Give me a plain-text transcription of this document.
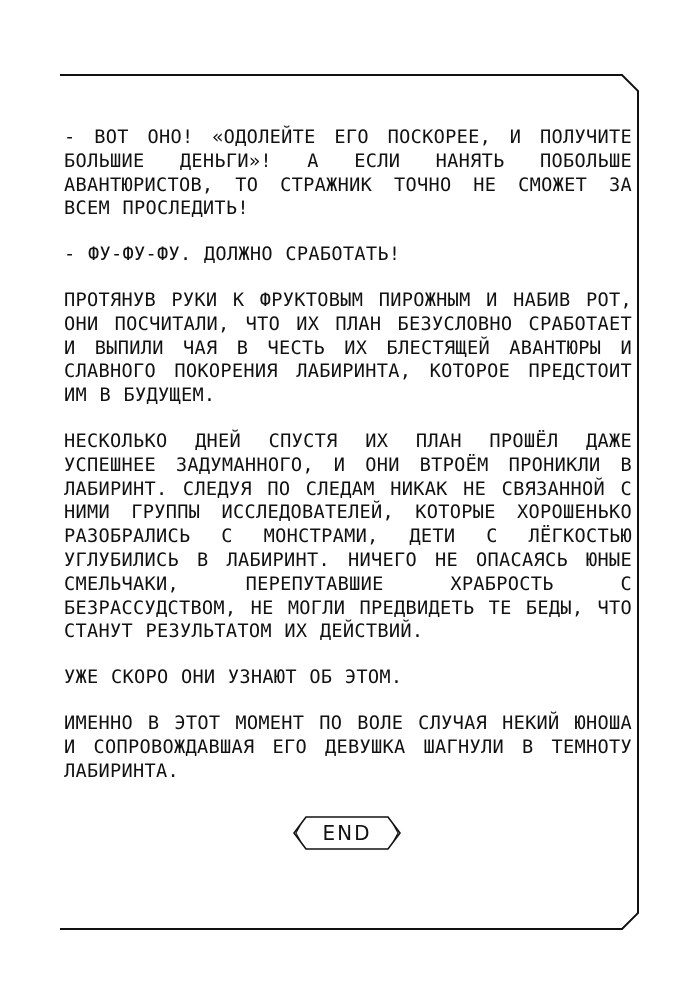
- ВОТ ОНО! «ОДОЛЕЙТЕ ЕГО ПОСКОРЕЕ, И ПОЛУЧИТЕ БОЛЬШИЕ ДЕНЬГИ»! А ЕСЛИ НАНЯТЬ ПОБОЛЬШЕ АВАНТЮРИСТОВ, ТО СТРАЖНИК ТОЧНО НЕ СМОЖЕТ ЗА ВСЕМ ПРОСЛЕДИТЬ!

- ФУ-ФУ-ФУ. ДОЛЖНО СРАБОТАТЬ!

ПРОТЯНУВ РУКИ К ФРУКТОВЫМ ПИРОЖНЫМ И НАБИВ РОТ, ОНИ ПОСЧИТАЛИ, ЧТО ИХ ПЛАН БЕЗУСЛОВНО СРАБОТАЕТ И ВЫПИЛИ ЧАЯ В ЧЕСТЬ ИХ БЛЕСТЯЩЕЙ АВАНТЮРЫ И СЛАВНОГО ПОКОРЕНИЯ ЛАБИРИНТА, КОТОРОЕ ПРЕДСТОИТ ИМ В БУДУЩЕМ.

НЕСКОЛЬКО ДНЕЙ СПУСТЯ ИХ ПЛАН ПРОШЁЛ ДАЖЕ УСПЕШНЕЕ ЗАДУМАННОГО, И ОНИ ВТРОЁМ ПРОНИКЛИ В ЛАБИРИНТ. СЛЕДУЯ ПО СЛЕДАМ НИКАК НЕ СВЯЗАННОЙ С НИМИ ГРУППЫ ИССЛЕДОВАТЕЛЕЙ, КОТОРЫЕ ХОРОШЕНЬКО РАЗОБРАЛИСЬ С МОНСТРАМИ, ДЕТИ С ЛЁГКОСТЬЮ УГЛУБИЛИСЬ В ЛАБИРИНТ. НИЧЕГО НЕ ОПАСАЯСЬ ЮНЫЕ СМЕЛЬЧАКИ, ПЕРЕПУТАВШИЕ ХРАБРОСТЬ С БЕЗРАССУДСТВОМ, НЕ МОГЛИ ПРЕДВИДЕТЬ ТЕ БЕДЫ, ЧТО СТАНУТ РЕЗУЛЬТАТОМ ИХ ДЕЙСТВИЙ.

УЖЕ СКОРО ОНИ УЗНАЮТ ОБ ЭТОМ.

ИМЕННО В ЭТОТ МОМЕНТ ПО ВОЛЕ СЛУЧАЯ НЕКИЙ ЮНОША И СОПРОВОЖДАВШАЯ ЕГО ДЕВУШКА ШАГНУЛИ В ТЕМНОТУ ЛАБИРИНТА.

END
